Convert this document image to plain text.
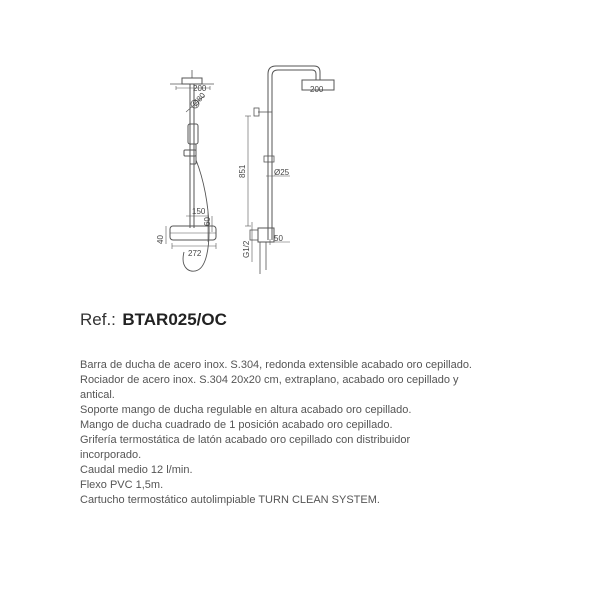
200
Ø80
150
60
40
272
200
851	Ø25
G1/2
50
Ref.: BTAR025/OC
Barra de ducha de acero inox. S.304, redonda extensible acabado oro cepillado.
Rociador de acero inox. S.304 20x20 cm, extraplano, acabado oro cepillado y
antical.
Soporte mango de ducha regulable en altura acabado oro cepillado.
Mango de ducha cuadrado de 1 posición acabado oro cepillado.
Grifería termostática de latón acabado oro cepillado con distribuidor
incorporado.
Caudal medio 12 l/min.
Flexo PVC 1,5m.
Cartucho termostático autolimpiable TURN CLEAN SYSTEM.
